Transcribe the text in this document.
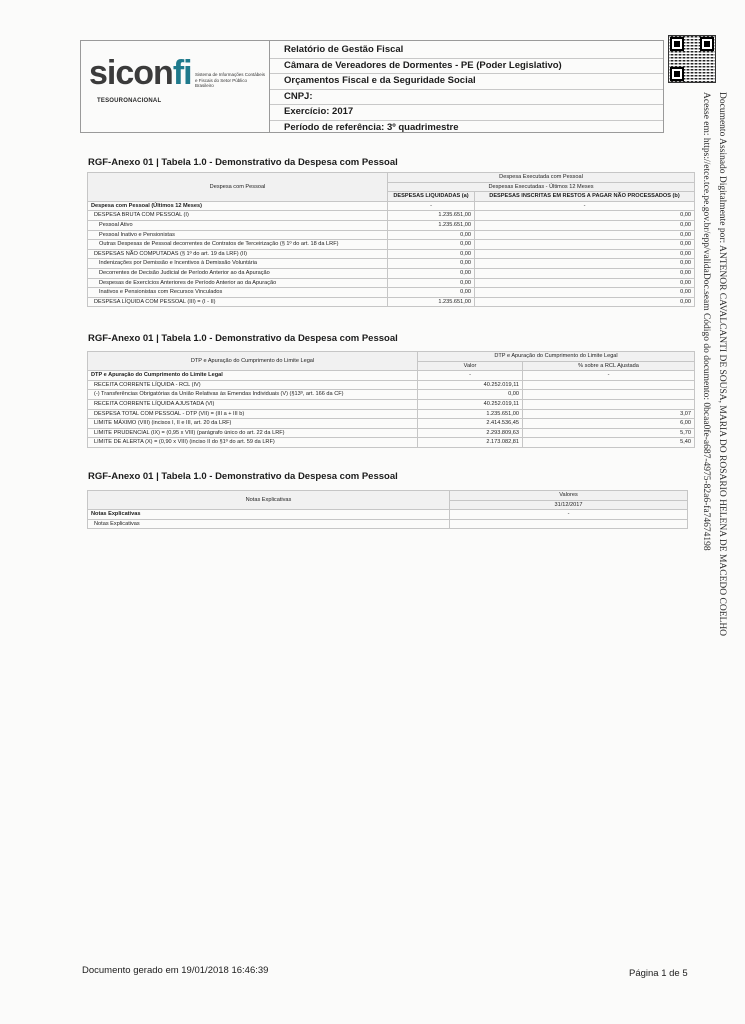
siconfi Sistema de Informações Contábeis e Fiscais do Setor Público Brasileiro
TESOURONACIONAL
Relatório de Gestão Fiscal
Câmara de Vereadores de Dormentes - PE (Poder Legislativo)
Orçamentos Fiscal e da Seguridade Social
CNPJ:
Exercício: 2017
Período de referência: 3º quadrimestre	Documento Assinado Digitalmente por: ANTENOR CAVALCANTI DE SOUSA, MARIA DO ROSARIO HELENA DE MACEDO COELHO
Acesse em: https://etce.tce.pe.gov.br/epp/validaDoc.seam Código do documento: 0bcaa0fe-a687-4975-82a6-fa74674198
RGF-Anexo 01 | Tabela 1.0 - Demonstrativo da Despesa com Pessoal
Despesa com Pessoal	Despesa Executada com Pessoal	
	Despesas Executadas - Últimos 12 Meses	
	DESPESAS LIQUIDADAS (a)	DESPESAS INSCRITAS EM RESTOS A PAGAR NÃO PROCESSADOS (b)
Despesa com Pessoal (Últimos 12 Meses)	-	-
DESPESA BRUTA COM PESSOAL (I)	1.235.651,00	0,00
Pessoal Ativo	1.235.651,00	0,00
Pessoal Inativo e Pensionistas	0,00	0,00
Outras Despesas de Pessoal decorrentes de Contratos de Terceirização (§ 1º do art. 18 da LRF)	0,00	0,00
DESPESAS NÃO COMPUTADAS (§ 1º do art. 19 da LRF) (II)	0,00	0,00
Indenizações por Demissão e Incentivos à Demissão Voluntária	0,00	0,00
Decorrentes de Decisão Judicial de Período Anterior ao da Apuração	0,00	0,00
Despesas de Exercícios Anteriores de Período Anterior ao da Apuração	0,00	0,00
Inativos e Pensionistas com Recursos Vinculados	0,00	0,00
DESPESA LÍQUIDA COM PESSOAL (III) = (I - II)	1.235.651,00	0,00
RGF-Anexo 01 | Tabela 1.0 - Demonstrativo da Despesa com Pessoal
DTP e Apuração do Cumprimento do Limite Legal	DTP e Apuração do Cumprimento do Limite Legal	
	Valor	% sobre a RCL Ajustada
DTP e Apuração do Cumprimento do Limite Legal	-	-
RECEITA CORRENTE LÍQUIDA - RCL (IV)	40.252.019,11	
(-) Transferências Obrigatórias da União Relativas às Emendas Individuais (V) (§13º, art. 166 da CF)	0,00	
RECEITA CORRENTE LÍQUIDA AJUSTADA (VI)	40.252.019,11	
DESPESA TOTAL COM PESSOAL - DTP (VII) = (III a + III b)	1.235.651,00	3,07
LIMITE MÁXIMO (VIII) (incisos I, II e III, art. 20 da LRF)	2.414.536,45	6,00
LIMITE PRUDENCIAL (IX) = (0,95 x VIII) (parágrafo único do art. 22 da LRF)	2.293.809,63	5,70
LIMITE DE ALERTA (X) = (0,90 x VIII) (inciso II do §1º do art. 59 da LRF)	2.173.082,81	5,40
RGF-Anexo 01 | Tabela 1.0 - Demonstrativo da Despesa com Pessoal
Notas Explicativas	Valores
	31/12/2017
Notas Explicativas	-
Notas Explicativas	
Documento gerado em 19/01/2018 16:46:39	Página 1 de 5
